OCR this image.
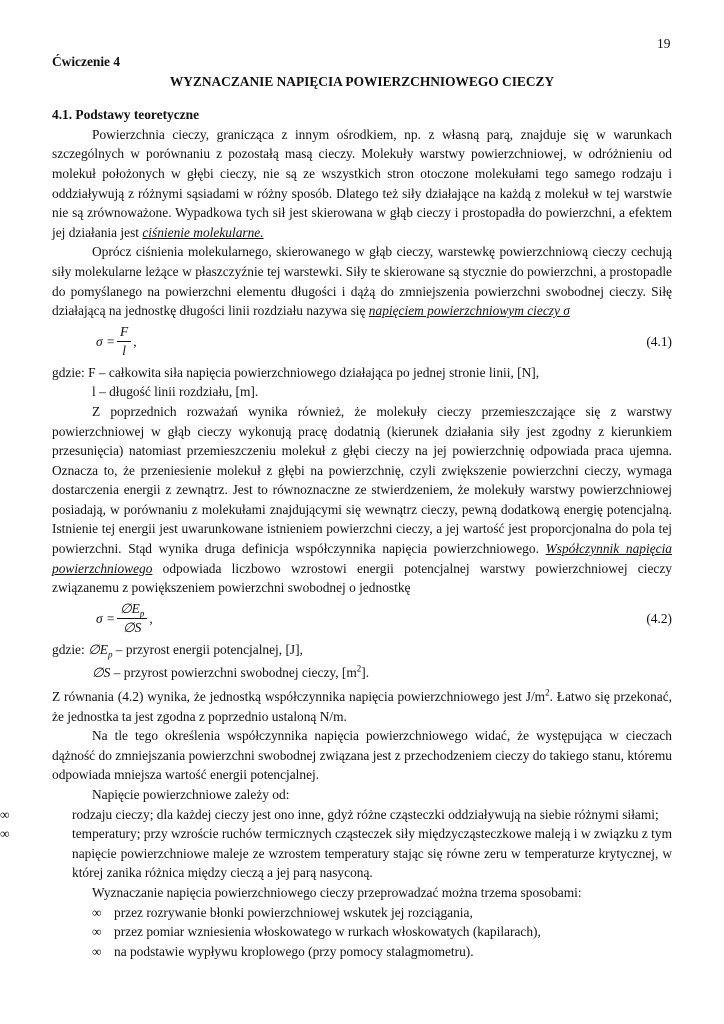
19
Ćwiczenie 4
WYZNACZANIE NAPIĘCIA POWIERZCHNIOWEGO CIECZY
4.1. Podstawy teoretyczne
Powierzchnia cieczy, granicząca z innym ośrodkiem, np. z własną parą, znajduje się w warunkach szczególnych w porównaniu z pozostałą masą cieczy. Molekuły warstwy powierzchniowej, w odróżnieniu od molekuł położonych w głębi cieczy, nie są ze wszystkich stron otoczone molekułami tego samego rodzaju i oddziaływują z różnymi sąsiadami w różny sposób. Dlatego też siły działające na każdą z molekuł w tej warstwie nie są zrównoważone. Wypadkowa tych sił jest skierowana w głąb cieczy i prostopadła do powierzchni, a efektem jej działania jest ciśnienie molekularne.
Oprócz ciśnienia molekularnego, skierowanego w głąb cieczy, warstewkę powierzchniową cieczy cechują siły molekularne leżące w płaszczyźnie tej warstewki. Siły te skierowane są stycznie do powierzchni, a prostopadle do pomyślanego na powierzchni elementu długości i dążą do zmniejszenia powierzchni swobodnej cieczy. Siłę działającą na jednostkę długości linii rozdziału nazywa się napięciem powierzchniowym cieczy σ
$\sigma = \frac{F}{l}$ ,	(4.1)
gdzie: F – całkowita siła napięcia powierzchniowego działająca po jednej stronie linii, [N],
l – długość linii rozdziału, [m].
Z poprzednich rozważań wynika również, że molekuły cieczy przemieszczające się z warstwy powierzchniowej w głąb cieczy wykonują pracę dodatnią (kierunek działania siły jest zgodny z kierunkiem przesunięcia) natomiast przemieszczeniu molekuł z głębi cieczy na jej powierzchnię odpowiada praca ujemna. Oznacza to, że przeniesienie molekuł z głębi na powierzchnię, czyli zwiększenie powierzchni cieczy, wymaga dostarczenia energii z zewnątrz. Jest to równoznaczne ze stwierdzeniem, że molekuły warstwy powierzchniowej posiadają, w porównaniu z molekułami znajdującymi się wewnątrz cieczy, pewną dodatkową energię potencjalną. Istnienie tej energii jest uwarunkowane istnieniem powierzchni cieczy, a jej wartość jest proporcjonalna do pola tej powierzchni. Stąd wynika druga definicja współczynnika napięcia powierzchniowego. Współczynnik napięcia powierzchniowego odpowiada liczbowo wzrostowi energii potencjalnej warstwy powierzchniowej cieczy związanemu z powiększeniem powierzchni swobodnej o jednostkę
$\sigma = \frac{\emptyset E_p}{\emptyset S}$ ,	(4.2)
gdzie: $\emptyset E_p$ – przyrost energii potencjalnej, [J],
∅S – przyrost powierzchni swobodnej cieczy, $[m^2]$.
Z równania (4.2) wynika, że jednostką współczynnika napięcia powierzchniowego jest $J/m^2$. Łatwo się przekonać, że jednostka ta jest zgodna z poprzednio ustaloną N/m.
Na tle tego określenia współczynnika napięcia powierzchniowego widać, że występująca w cieczach dążność do zmniejszania powierzchni swobodnej związana jest z przechodzeniem cieczy do takiego stanu, któremu odpowiada mniejsza wartość energii potencjalnej.
Napięcie powierzchniowe zależy od:
∞	rodzaju cieczy; dla każdej cieczy jest ono inne, gdyż różne cząsteczki oddziaływują na siebie różnymi siłami;
∞	temperatury; przy wzroście ruchów termicznych cząsteczek siły międzycząsteczkowe maleją i w związku z tym napięcie powierzchniowe maleje ze wzrostem temperatury stając się równe zeru w temperaturze krytycznej, w której zanika różnica między cieczą a jej parą nasyconą.
Wyznaczanie napięcia powierzchniowego cieczy przeprowadzać można trzema sposobami:
∞ przez rozrywanie błonki powierzchniowej wskutek jej rozciągania,
∞ przez pomiar wzniesienia włoskowatego w rurkach włoskowatych (kapilarach),
∞ na podstawie wypływu kroplowego (przy pomocy stalagmometru).
